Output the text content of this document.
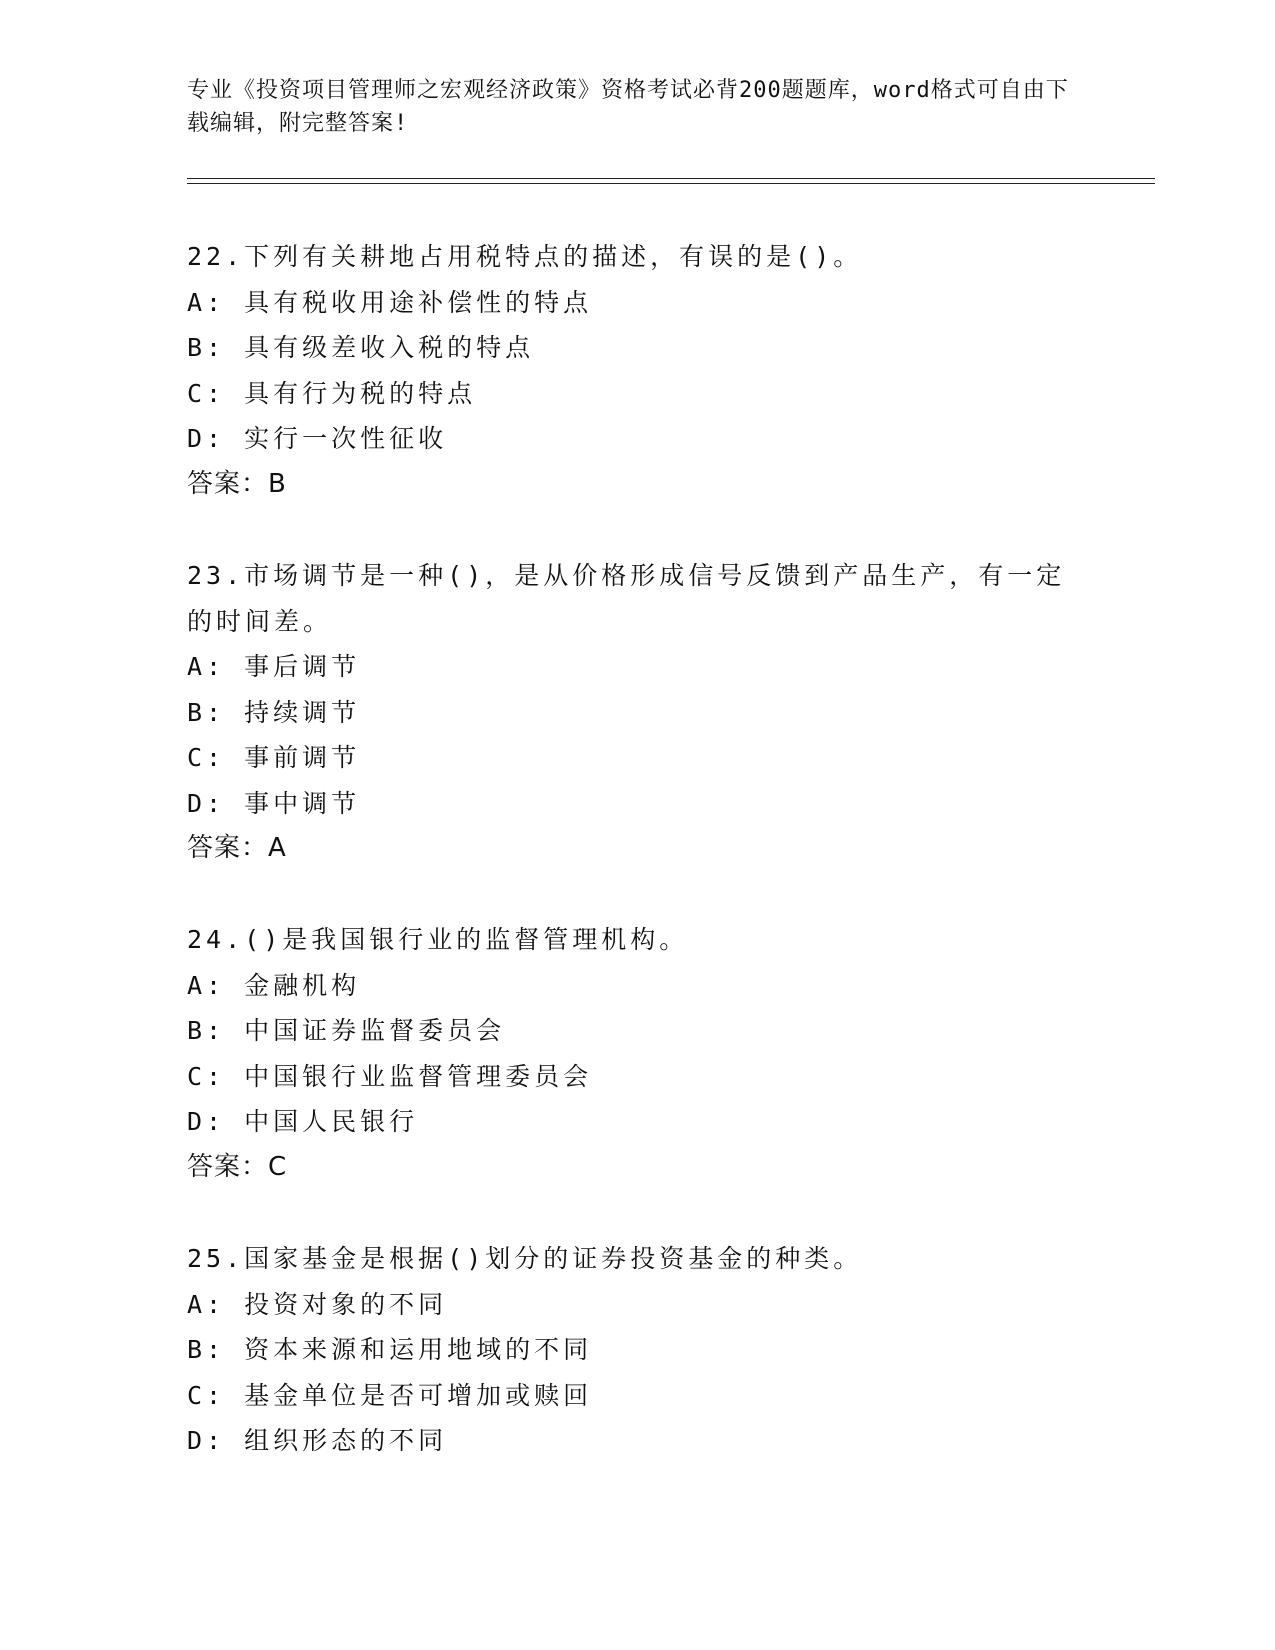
专业《投资项目管理师之宏观经济政策》资格考试必背200题题库，word格式可自由下载编辑，附完整答案!

22.下列有关耕地占用税特点的描述，有误的是()。

A: 具有税收用途补偿性的特点

B: 具有级差收入税的特点

C: 具有行为税的特点

D: 实行一次性征收

答案：B

23.市场调节是一种()，是从价格形成信号反馈到产品生产，有一定的时间差。

A: 事后调节

B: 持续调节

C: 事前调节

D: 事中调节

答案：A

24.()是我国银行业的监督管理机构。

A: 金融机构

B: 中国证券监督委员会

C: 中国银行业监督管理委员会

D: 中国人民银行

答案：C

25.国家基金是根据()划分的证券投资基金的种类。

A: 投资对象的不同

B: 资本来源和运用地域的不同

C: 基金单位是否可增加或赎回

D: 组织形态的不同
